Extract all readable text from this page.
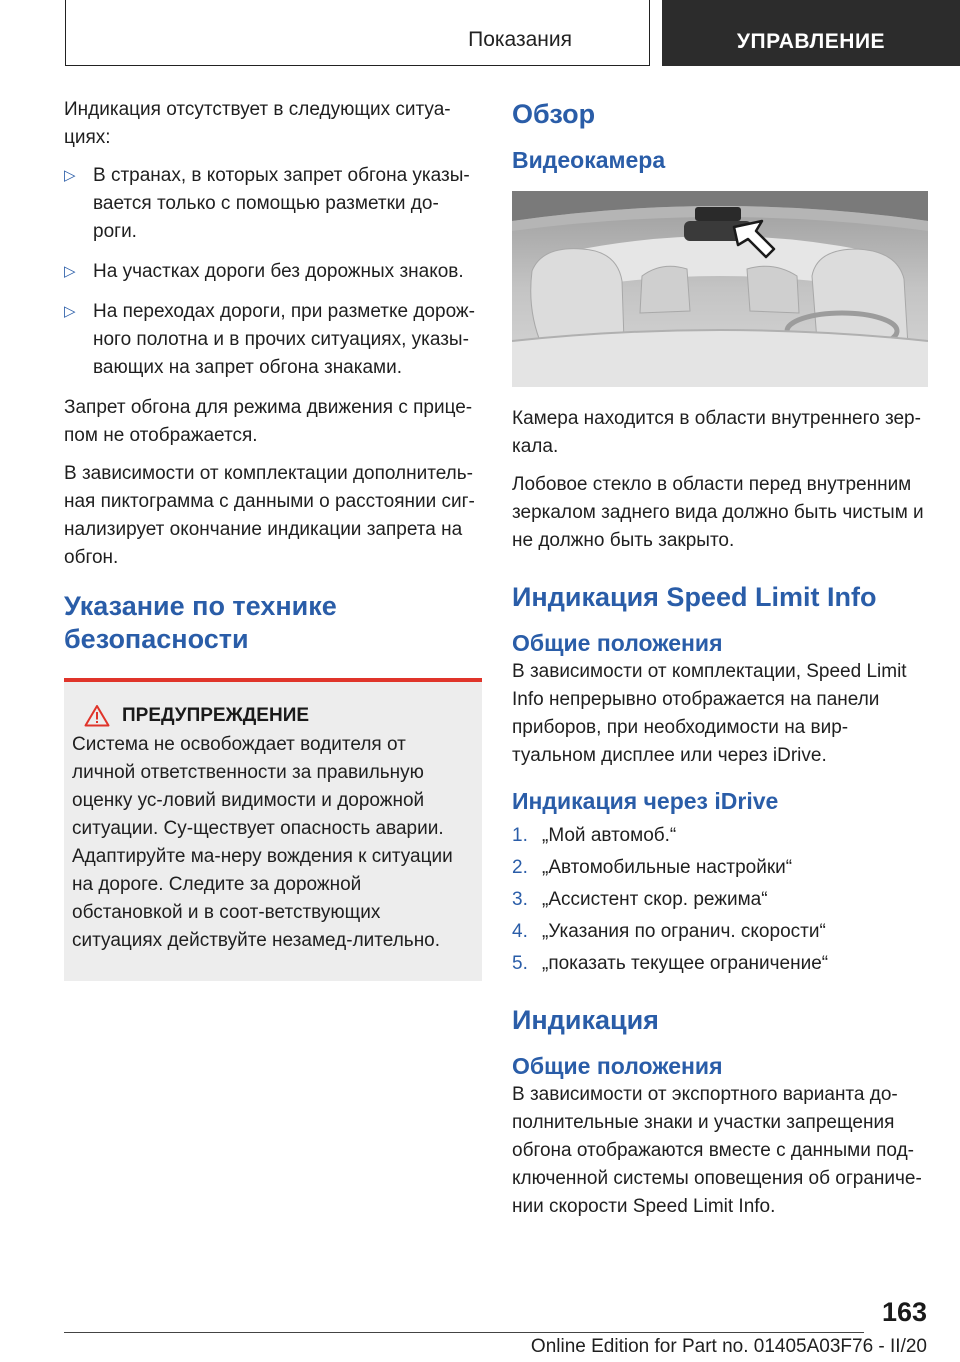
Показания	УПРАВЛЕНИЕ

Индикация отсутствует в следующих ситуа-циях:

▷ В странах, в которых запрет обгона указы-вается только с помощью разметки до-роги.
▷ На участках дороги без дорожных знаков.
▷ На переходах дороги, при разметке дорож-ного полотна и в прочих ситуациях, указы-вающих на запрет обгона знаками.

Запрет обгона для режима движения с прице-пом не отображается.

В зависимости от комплектации дополнитель-ная пиктограмма с данными о расстоянии сиг-нализирует окончание индикации запрета на обгон.

Указание по технике безопасности
ПРЕДУПРЕЖДЕНИЕ

Система не освобождает водителя от личной ответственности за правильную оценку ус-ловий видимости и дорожной ситуации. Су-ществует опасность аварии. Адаптируйте ма-неру вождения к ситуации на дороге. Следите за дорожной обстановкой и в соот-ветствующих ситуациях действуйте незамед-лительно.

Обзор
Видеокамера

Камера находится в области внутреннего зер-кала.

Лобовое стекло в области перед внутренним зеркалом заднего вида должно быть чистым и не должно быть закрыто.

Индикация Speed Limit Info
Общие положения

В зависимости от комплектации, Speed Limit Info непрерывно отображается на панели приборов, при необходимости на вир-туальном дисплее или через iDrive.

Индикация через iDrive
1. „Мой автомоб.“
2. „Автомобильные настройки“
3. „Ассистент скор. режима“
4. „Указания по огранич. скорости“
5. „показать текущее ограничение“
Индикация
Общие положения

В зависимости от экспортного варианта до-полнительные знаки и участки запрещения обгона отображаются вместе с данными под-ключенной системы оповещения об ограниче-нии скорости Speed Limit Info.

163
Online Edition for Part no. 01405A03F76 - II/20
